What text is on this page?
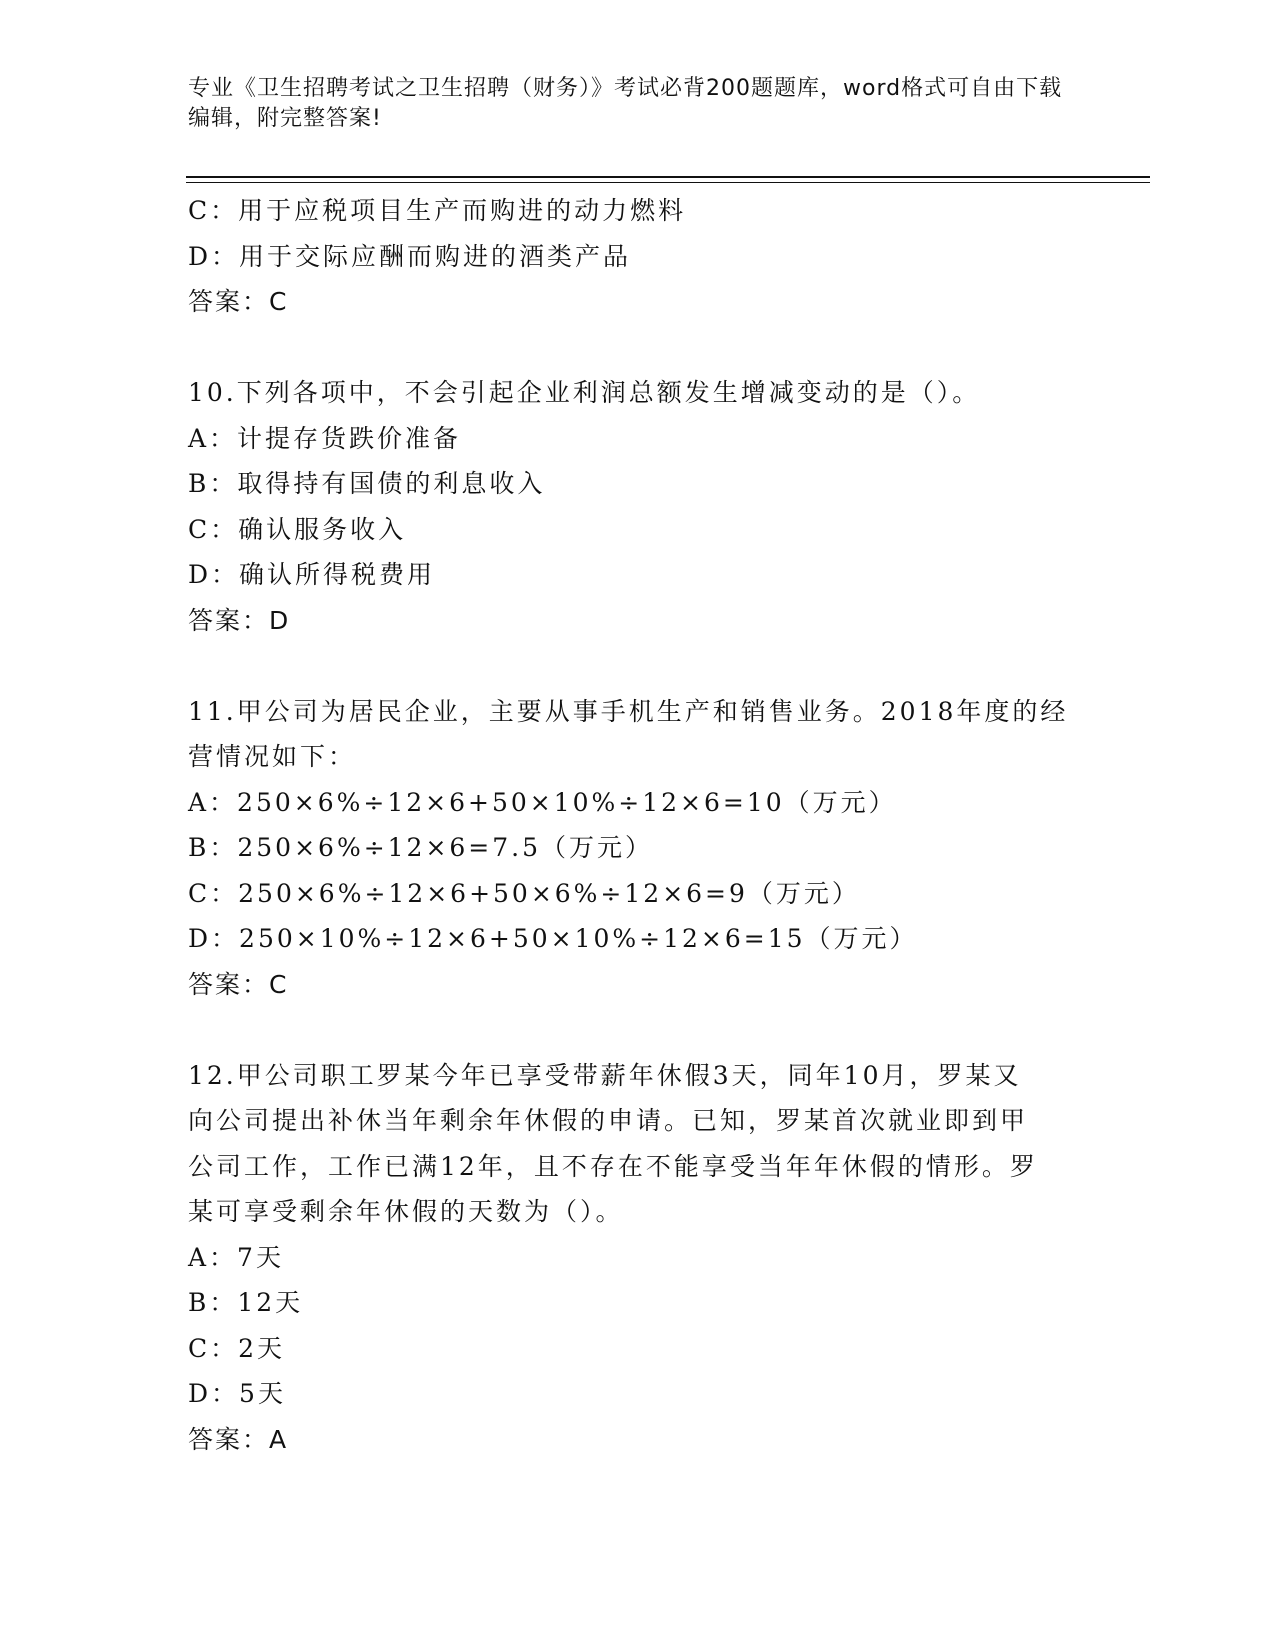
专业《卫生招聘考试之卫生招聘（财务）》考试必背200题题库，word格式可自由下载编辑，附完整答案!
C：用于应税项目生产而购进的动力燃料
D：用于交际应酬而购进的酒类产品
答案：C
10.下列各项中，不会引起企业利润总额发生增减变动的是（）。
A：计提存货跌价准备
B：取得持有国债的利息收入
C：确认服务收入
D：确认所得税费用
答案：D
11.甲公司为居民企业，主要从事手机生产和销售业务。2018年度的经
营情况如下：
A：250×6%÷12×6+50×10%÷12×6=10（万元）
B：250×6%÷12×6=7.5（万元）
C：250×6%÷12×6+50×6%÷12×6=9（万元）
D：250×10%÷12×6+50×10%÷12×6=15（万元）
答案：C
12.甲公司职工罗某今年已享受带薪年休假3天，同年10月，罗某又
向公司提出补休当年剩余年休假的申请。已知，罗某首次就业即到甲
公司工作，工作已满12年，且不存在不能享受当年年休假的情形。罗
某可享受剩余年休假的天数为（）。
A：7天
B：12天
C：2天
D：5天
答案：A
